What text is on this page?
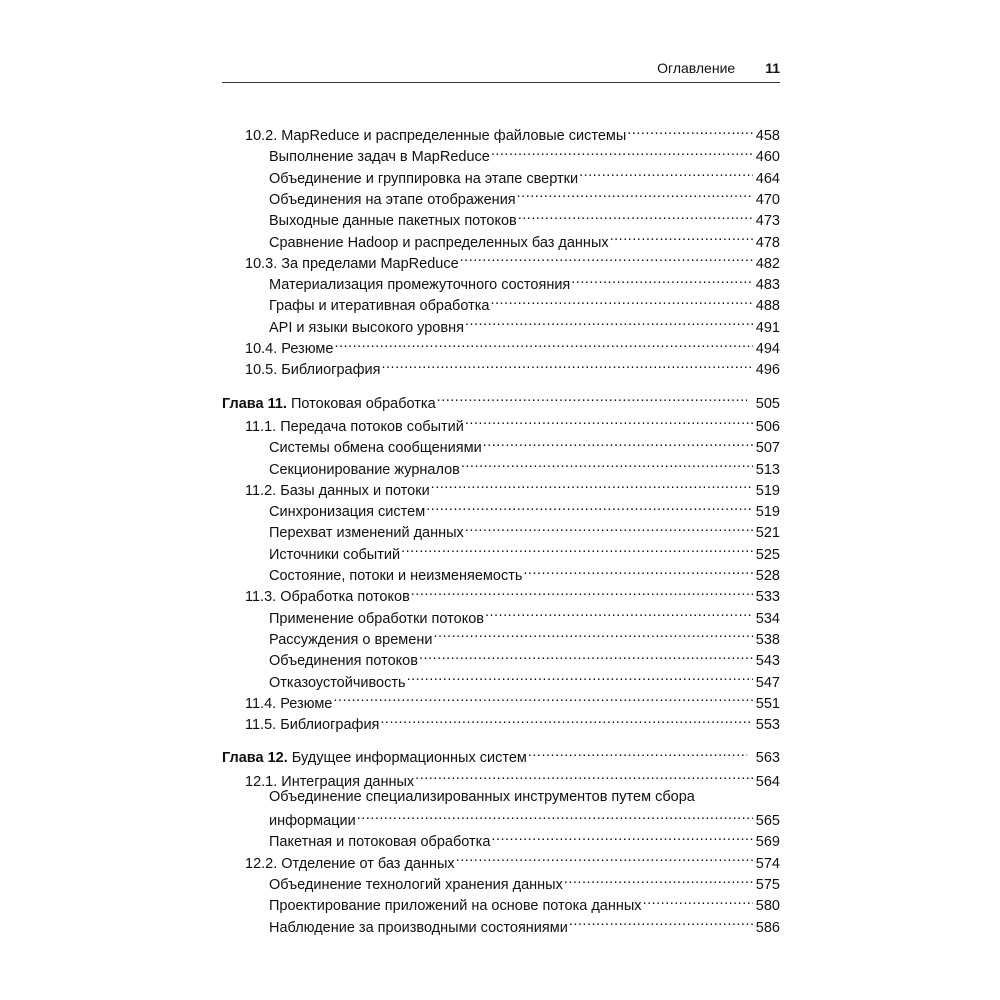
Оглавление 11
10.2. MapReduce и распределенные файловые системы .....	458
Выполнение задач в MapReduce .....	460
Объединение и группировка на этапе свертки .....	464
Объединения на этапе отображения .....	470
Выходные данные пакетных потоков .....	473
Сравнение Hadoop и распределенных баз данных .....	478
10.3. За пределами MapReduce .....	482
Материализация промежуточного состояния .....	483
Графы и итеративная обработка .....	488
API и языки высокого уровня .....	491
10.4. Резюме .....	494
10.5. Библиография .....	496
Глава 11. Потоковая обработка .....	505
11.1. Передача потоков событий .....	506
Системы обмена сообщениями .....	507
Секционирование журналов .....	513
11.2. Базы данных и потоки .....	519
Синхронизация систем .....	519
Перехват изменений данных .....	521
Источники событий .....	525
Состояние, потоки и неизменяемость .....	528
11.3. Обработка потоков .....	533
Применение обработки потоков .....	534
Рассуждения о времени .....	538
Объединения потоков .....	543
Отказоустойчивость .....	547
11.4. Резюме .....	551
11.5. Библиография .....	553
Глава 12. Будущее информационных систем .....	563
12.1. Интеграция данных .....	564
Объединение специализированных инструментов путем сбора
информации .....	565
Пакетная и потоковая обработка .....	569
12.2. Отделение от баз данных .....	574
Объединение технологий хранения данных .....	575
Проектирование приложений на основе потока данных .....	580
Наблюдение за производными состояниями .....	586
